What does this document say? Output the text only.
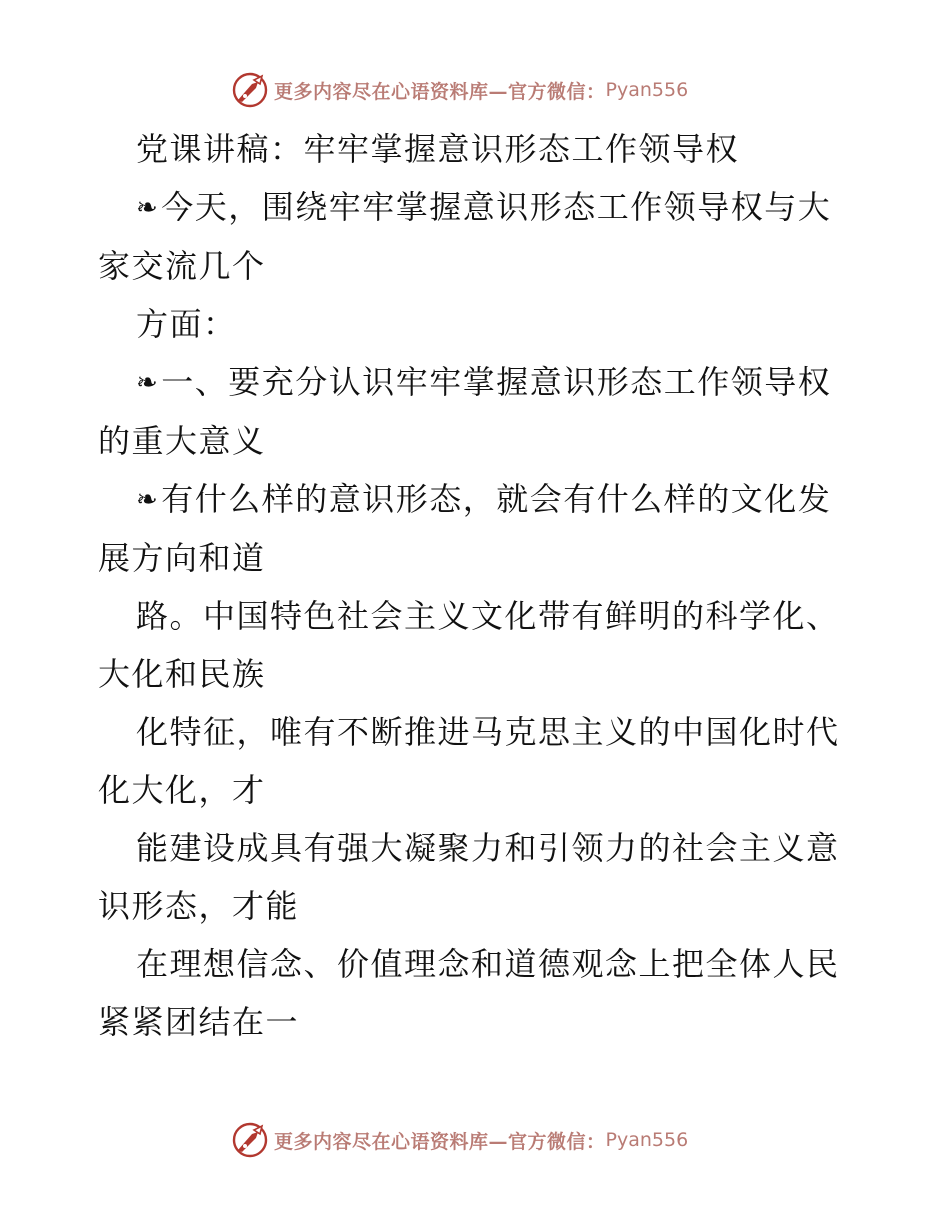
更多内容尽在心语资料库—官方微信： Pyan556

党课讲稿：牢牢掌握意识形态工作领导权

❧今天，围绕牢牢掌握意识形态工作领导权与大家交流几个

方面：

❧一、要充分认识牢牢掌握意识形态工作领导权的重大意义

❧有什么样的意识形态，就会有什么样的文化发展方向和道

路。中国特色社会主义文化带有鲜明的科学化、大化和民族

化特征，唯有不断推进马克思主义的中国化时代化大化，才

能建设成具有强大凝聚力和引领力的社会主义意识形态，才能

在理想信念、价值理念和道德观念上把全体人民紧紧团结在一

更多内容尽在心语资料库—官方微信： Pyan556
